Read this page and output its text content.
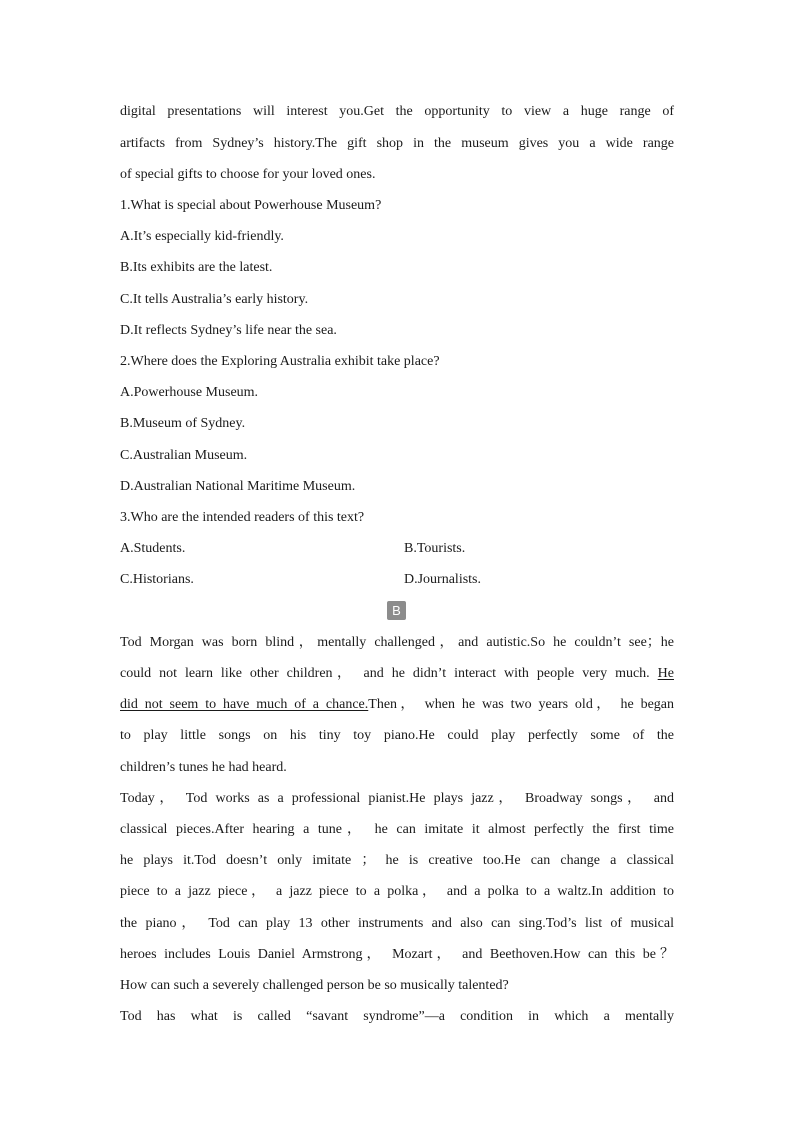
digital presentations will interest you.Get the opportunity to view a huge range of
artifacts from Sydney’s history.The gift shop in the museum gives you a wide range
of special gifts to choose for your loved ones.
1.What is special about Powerhouse Museum?
A.It’s especially kid-friendly.
B.Its exhibits are the latest.
C.It tells Australia’s early history.
D.It reflects Sydney’s life near the sea.
2.Where does the Exploring Australia exhibit take place?
A.Powerhouse Museum.
B.Museum of Sydney.
C.Australian Museum.
D.Australian National Maritime Museum.
3.Who are the intended readers of this text?
A.Students.	B.Tourists.
C.Historians.	D.Journalists.
B
Tod Morgan was born blind，mentally challenged，and autistic.So he couldn’t see；he
could not learn like other children， and he didn’t interact with people very much. He
did not seem to have much of a chance.Then， when he was two years old， he began
to play little songs on his tiny toy piano.He could play perfectly some of the
children’s tunes he had heard.
Today， Tod works as a professional pianist.He plays jazz， Broadway songs， and
classical pieces.After hearing a tune， he can imitate it almost perfectly the first time
he plays it.Tod doesn’t only imitate ； he is creative too.He can change a classical
piece to a jazz piece， a jazz piece to a polka， and a polka to a waltz.In addition to
the piano， Tod can play 13 other instruments and also can sing.Tod’s list of musical
heroes includes Louis Daniel Armstrong， Mozart， and Beethoven.How can this be？
How can such a severely challenged person be so musically talented?
Tod has what is called “savant syndrome”—a condition in which a mentally
